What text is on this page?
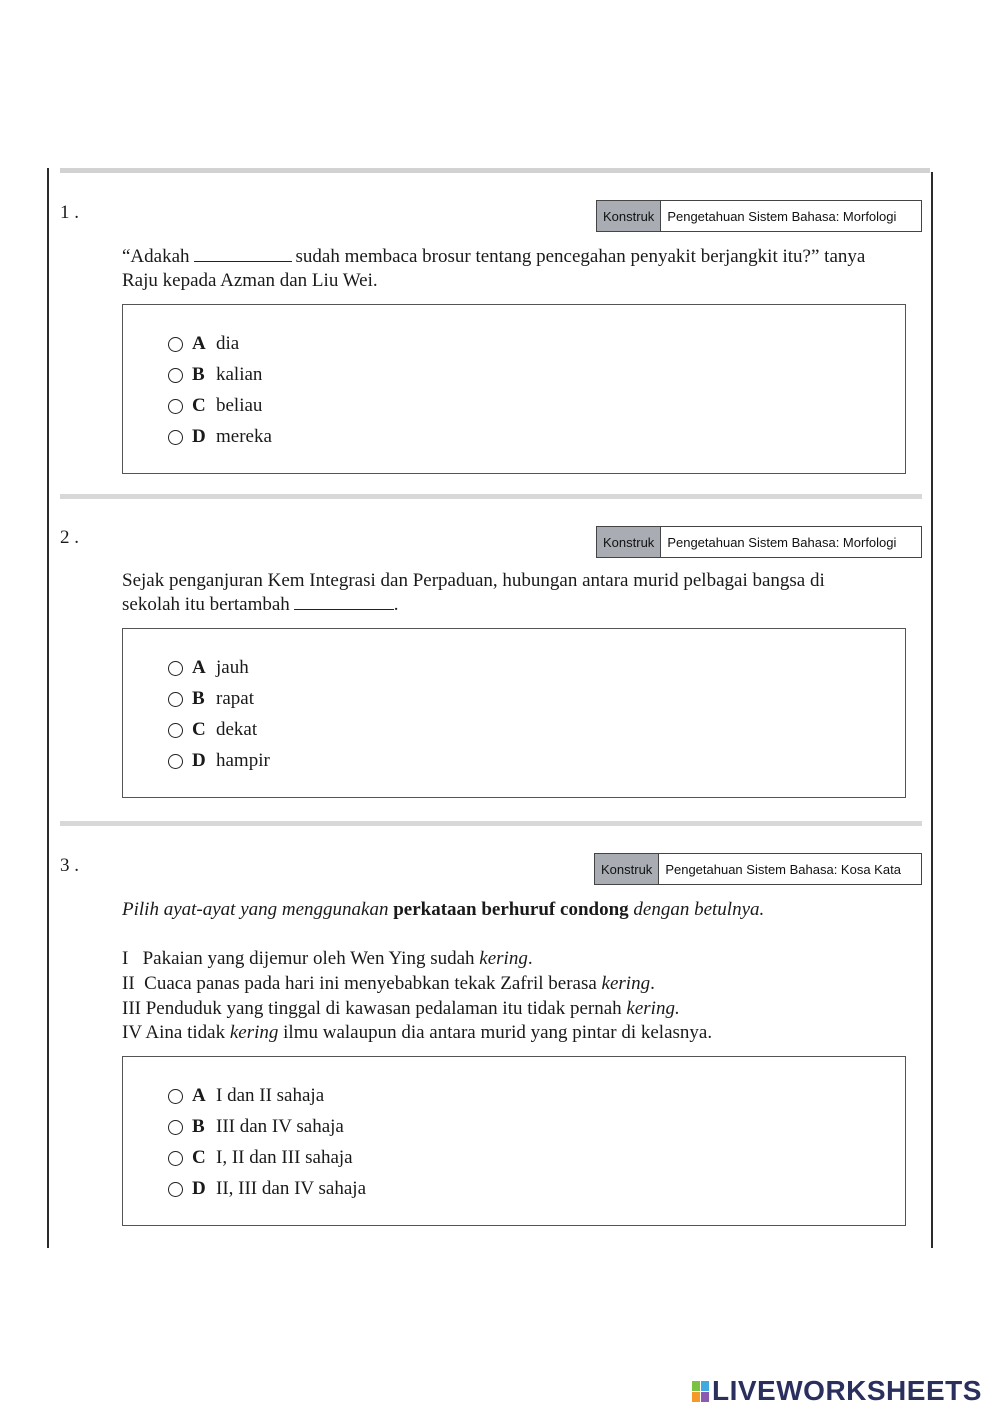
1 .	Konstruk	Pengetahuan Sistem Bahasa: Morfologi
“Adakah	sudah membaca brosur tentang pencegahan penyakit berjangkit itu?” tanya
Raju kepada Azman dan Liu Wei.
A dia
B kalian
C beliau
D mereka
2 .	Konstruk	Pengetahuan Sistem Bahasa: Morfologi
Sejak penganjuran Kem Integrasi dan Perpaduan, hubungan antara murid pelbagai bangsa di
sekolah itu bertambah	.
A jauh
B rapat
C dekat
D hampir
3 .	Konstruk	Pengetahuan Sistem Bahasa: Kosa Kata
Pilih ayat-ayat yang menggunakan perkataan berhuruf condong dengan betulnya.
I   Pakaian yang dijemur oleh Wen Ying sudah kering.
II  Cuaca panas pada hari ini menyebabkan tekak Zafril berasa kering.
III Penduduk yang tinggal di kawasan pedalaman itu tidak pernah kering.
IV Aina tidak kering ilmu walaupun dia antara murid yang pintar di kelasnya.
A I dan II sahaja
B III dan IV sahaja
C I, II dan III sahaja
D II, III dan IV sahaja
LIVEWORKSHEETS
